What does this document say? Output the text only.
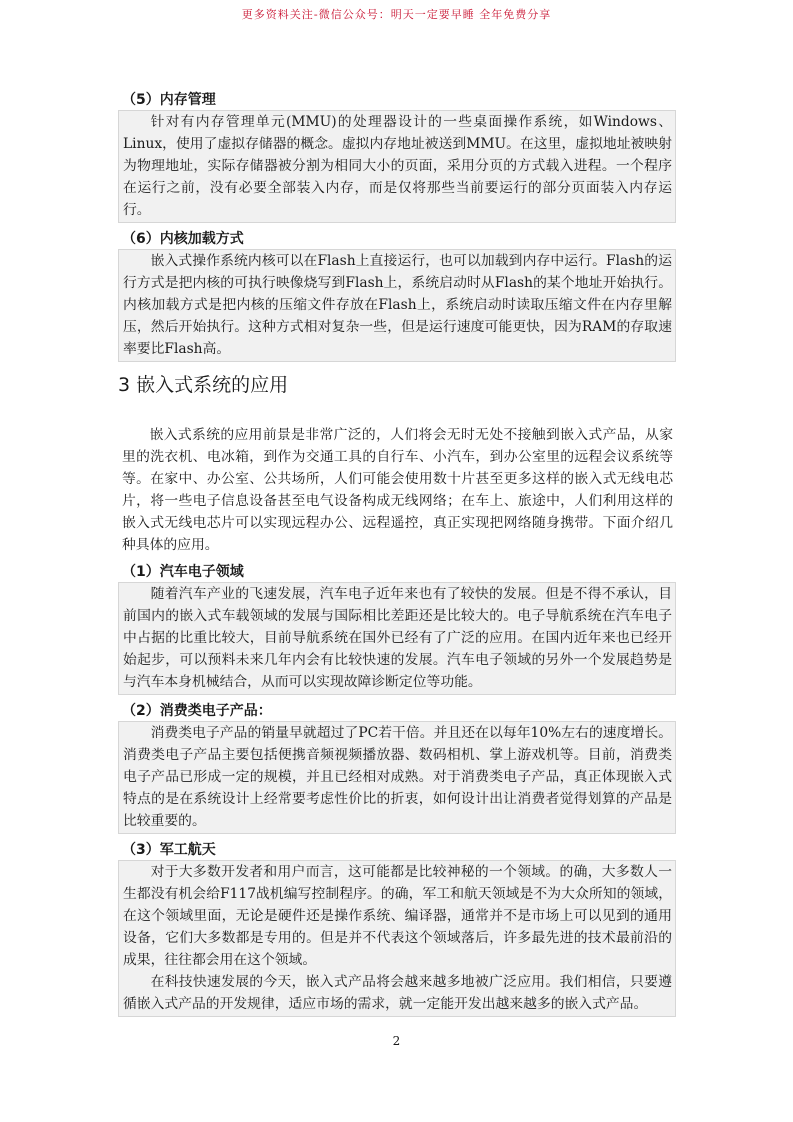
更多资料关注-微信公众号：明天一定要早睡 全年免费分享
（5）内存管理

针对有内存管理单元(MMU)的处理器设计的一些桌面操作系统，如Windows、Linux，使用了虚拟存储器的概念。虚拟内存地址被送到MMU。在这里，虚拟地址被映射为物理地址，实际存储器被分割为相同大小的页面，采用分页的方式载入进程。一个程序在运行之前，没有必要全部装入内存，而是仅将那些当前要运行的部分页面装入内存运行。

（6）内核加载方式

嵌入式操作系统内核可以在Flash上直接运行，也可以加载到内存中运行。Flash的运行方式是把内核的可执行映像烧写到Flash上，系统启动时从Flash的某个地址开始执行。内核加载方式是把内核的压缩文件存放在Flash上，系统启动时读取压缩文件在内存里解压，然后开始执行。这种方式相对复杂一些，但是运行速度可能更快，因为RAM的存取速率要比Flash高。

3 嵌入式系统的应用

嵌入式系统的应用前景是非常广泛的，人们将会无时无处不接触到嵌入式产品，从家里的洗衣机、电冰箱，到作为交通工具的自行车、小汽车，到办公室里的远程会议系统等等。在家中、办公室、公共场所，人们可能会使用数十片甚至更多这样的嵌入式无线电芯片，将一些电子信息设备甚至电气设备构成无线网络；在车上、旅途中，人们利用这样的嵌入式无线电芯片可以实现远程办公、远程遥控，真正实现把网络随身携带。下面介绍几种具体的应用。

（1）汽车电子领域

随着汽车产业的飞速发展，汽车电子近年来也有了较快的发展。但是不得不承认，目前国内的嵌入式车载领域的发展与国际相比差距还是比较大的。电子导航系统在汽车电子中占据的比重比较大，目前导航系统在国外已经有了广泛的应用。在国内近年来也已经开始起步，可以预料未来几年内会有比较快速的发展。汽车电子领域的另外一个发展趋势是与汽车本身机械结合，从而可以实现故障诊断定位等功能。

（2）消费类电子产品：

消费类电子产品的销量早就超过了PC若干倍。并且还在以每年10%左右的速度增长。消费类电子产品主要包括便携音频视频播放器、数码相机、掌上游戏机等。目前，消费类电子产品已形成一定的规模，并且已经相对成熟。对于消费类电子产品，真正体现嵌入式特点的是在系统设计上经常要考虑性价比的折衷，如何设计出让消费者觉得划算的产品是比较重要的。

（3）军工航天

对于大多数开发者和用户而言，这可能都是比较神秘的一个领域。的确，大多数人一生都没有机会给F117战机编写控制程序。的确，军工和航天领域是不为大众所知的领域，在这个领域里面，无论是硬件还是操作系统、编译器，通常并不是市场上可以见到的通用设备，它们大多数都是专用的。但是并不代表这个领域落后，许多最先进的技术最前沿的成果，往往都会用在这个领域。

在科技快速发展的今天，嵌入式产品将会越来越多地被广泛应用。我们相信，只要遵循嵌入式产品的开发规律，适应市场的需求，就一定能开发出越来越多的嵌入式产品。

2
